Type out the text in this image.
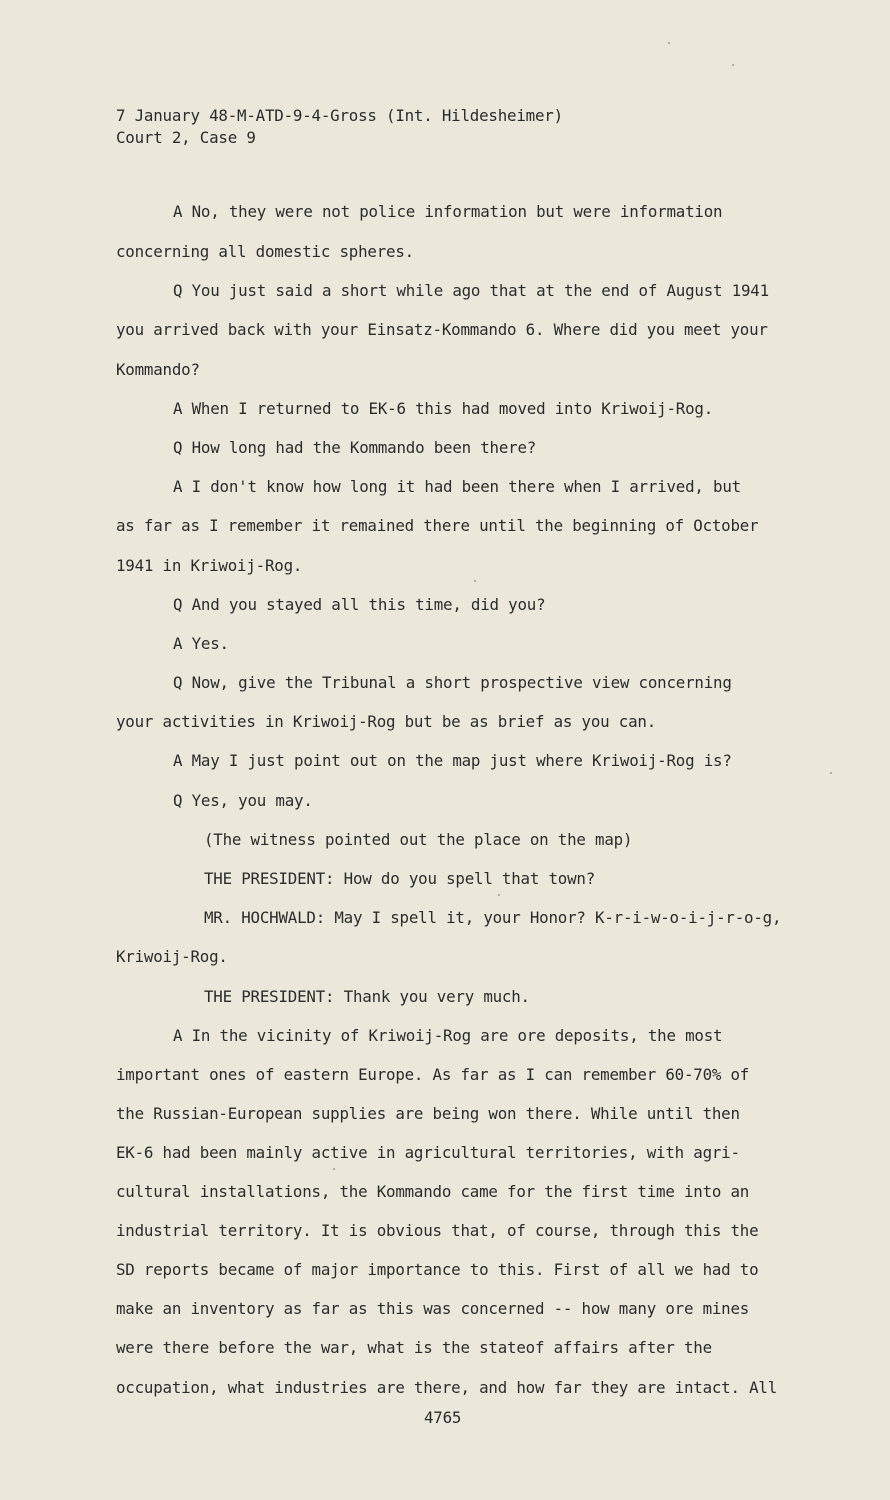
7 January 48-M-ATD-9-4-Gross (Int. Hildesheimer)
Court 2, Case 9
A No, they were not police information but were information
concerning all domestic spheres.
Q You just said a short while ago that at the end of August 1941
you arrived back with your Einsatz-Kommando 6. Where did you meet your
Kommando?
A When I returned to EK-6 this had moved into Kriwoij-Rog.
Q How long had the Kommando been there?
A I don't know how long it had been there when I arrived, but
as far as I remember it remained there until the beginning of October
1941 in Kriwoij-Rog.
Q And you stayed all this time, did you?
A Yes.
Q Now, give the Tribunal a short prospective view concerning
your activities in Kriwoij-Rog but be as brief as you can.
A May I just point out on the map just where Kriwoij-Rog is?
Q Yes, you may.
(The witness pointed out the place on the map)
THE PRESIDENT: How do you spell that town?
MR. HOCHWALD: May I spell it, your Honor? K-r-i-w-o-i-j-r-o-g,
Kriwoij-Rog.
THE PRESIDENT: Thank you very much.
A In the vicinity of Kriwoij-Rog are ore deposits, the most
important ones of eastern Europe. As far as I can remember 60-70% of
the Russian-European supplies are being won there. While until then
EK-6 had been mainly active in agricultural territories, with agri-
cultural installations, the Kommando came for the first time into an
industrial territory. It is obvious that, of course, through this the
SD reports became of major importance to this. First of all we had to
make an inventory as far as this was concerned -- how many ore mines
were there before the war, what is the stateof affairs after the
occupation, what industries are there, and how far they are intact. All
4765
